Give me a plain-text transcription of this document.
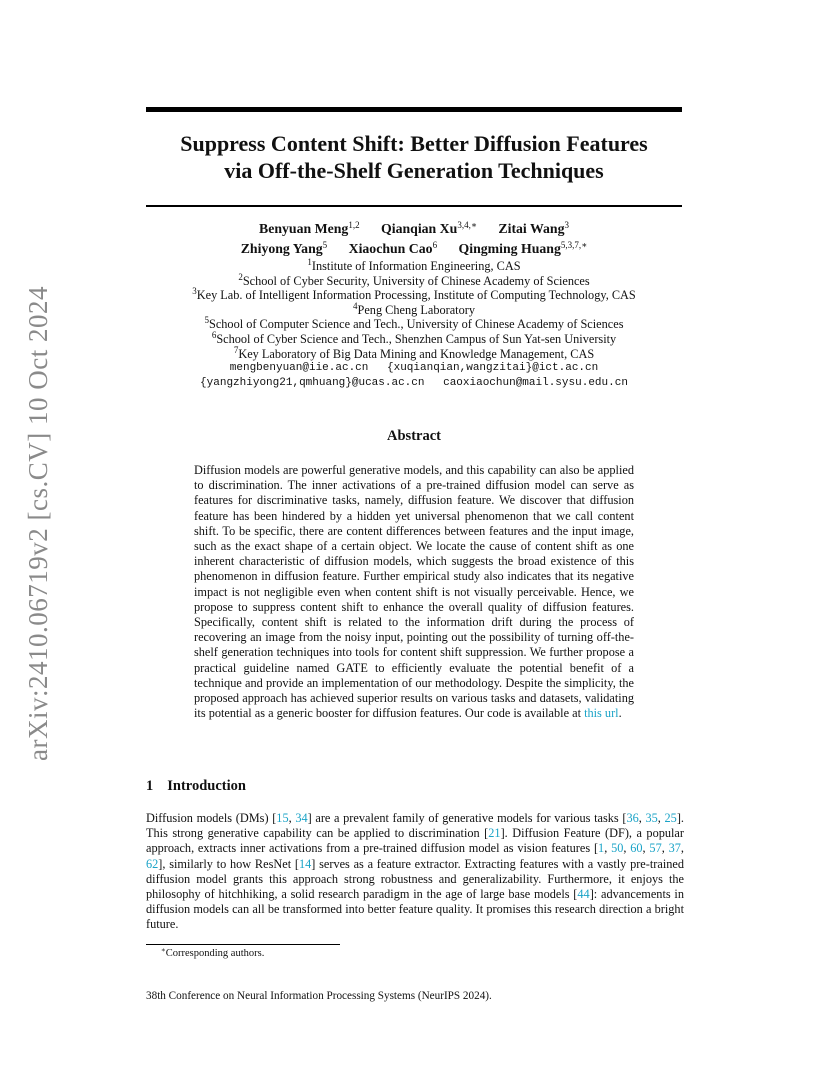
arXiv:2410.06719v2 [cs.CV] 10 Oct 2024
Suppress Content Shift: Better Diffusion Features
via Off-the-Shelf Generation Techniques
Benyuan Meng$^{1,2}$ Qianqian $Xu^{3,4,∗}$ Zitai Wang$^3$
Zhiyong Yang$^5$ Xiaochun Cao$^6$ Qingming Huang$^{5,3,7,∗}$
$^1$Institute of Information Engineering, CAS
$^2$School of Cyber Security, University of Chinese Academy of Sciences
$^3$Key Lab. of Intelligent Information Processing, Institute of Computing Technology, CAS
$^4$Peng Cheng Laboratory
$^5$School of Computer Science and Tech., University of Chinese Academy of Sciences
$^6$School of Cyber Science and Tech., Shenzhen Campus of Sun Yat-sen University
$^7$Key Laboratory of Big Data Mining and Knowledge Management, CAS
mengbenyuan@iie.ac.cn {xuqianqian,wangzitai}@ict.ac.cn
{yangzhiyong21,qmhuang}@ucas.ac.cn caoxiaochun@mail.sysu.edu.cn
Abstract

Diffusion models are powerful generative models, and this capability can also be applied to discrimination. The inner activations of a pre-trained diffusion model can serve as features for discriminative tasks, namely, diffusion feature. We discover that diffusion feature has been hindered by a hidden yet universal phenomenon that we call content shift. To be specific, there are content differences between features and the input image, such as the exact shape of a certain object. We locate the cause of content shift as one inherent characteristic of diffusion models, which suggests the broad existence of this phenomenon in diffusion feature. Further empirical study also indicates that its negative impact is not negligible even when content shift is not visually perceivable. Hence, we propose to suppress content shift to enhance the overall quality of diffusion features. Specifically, content shift is related to the information drift during the process of recovering an image from the noisy input, pointing out the possibility of turning off-the-shelf generation techniques into tools for content shift suppression. We further propose a practical guideline named GATE to efficiently evaluate the potential benefit of a technique and provide an implementation of our methodology. Despite the simplicity, the proposed approach has achieved superior results on various tasks and datasets, validating its potential as a generic booster for diffusion features. Our code is available at this url.

1 Introduction

Diffusion models (DMs) [15, 34] are a prevalent family of generative models for various tasks [36, 35, 25]. This strong generative capability can be applied to discrimination [21]. Diffusion Feature (DF), a popular approach, extracts inner activations from a pre-trained diffusion model as vision features [1, 50, 60, 57, 37, 62], similarly to how ResNet [14] serves as a feature extractor. Extracting features with a vastly pre-trained diffusion model grants this approach strong robustness and generalizability. Furthermore, it enjoys the philosophy of hitchhiking, a solid research paradigm in the age of large base models [44]: advancements in diffusion models can all be transformed into better feature quality. It promises this research direction a bright future.

∗Corresponding authors.

38th Conference on Neural Information Processing Systems (NeurIPS 2024).
